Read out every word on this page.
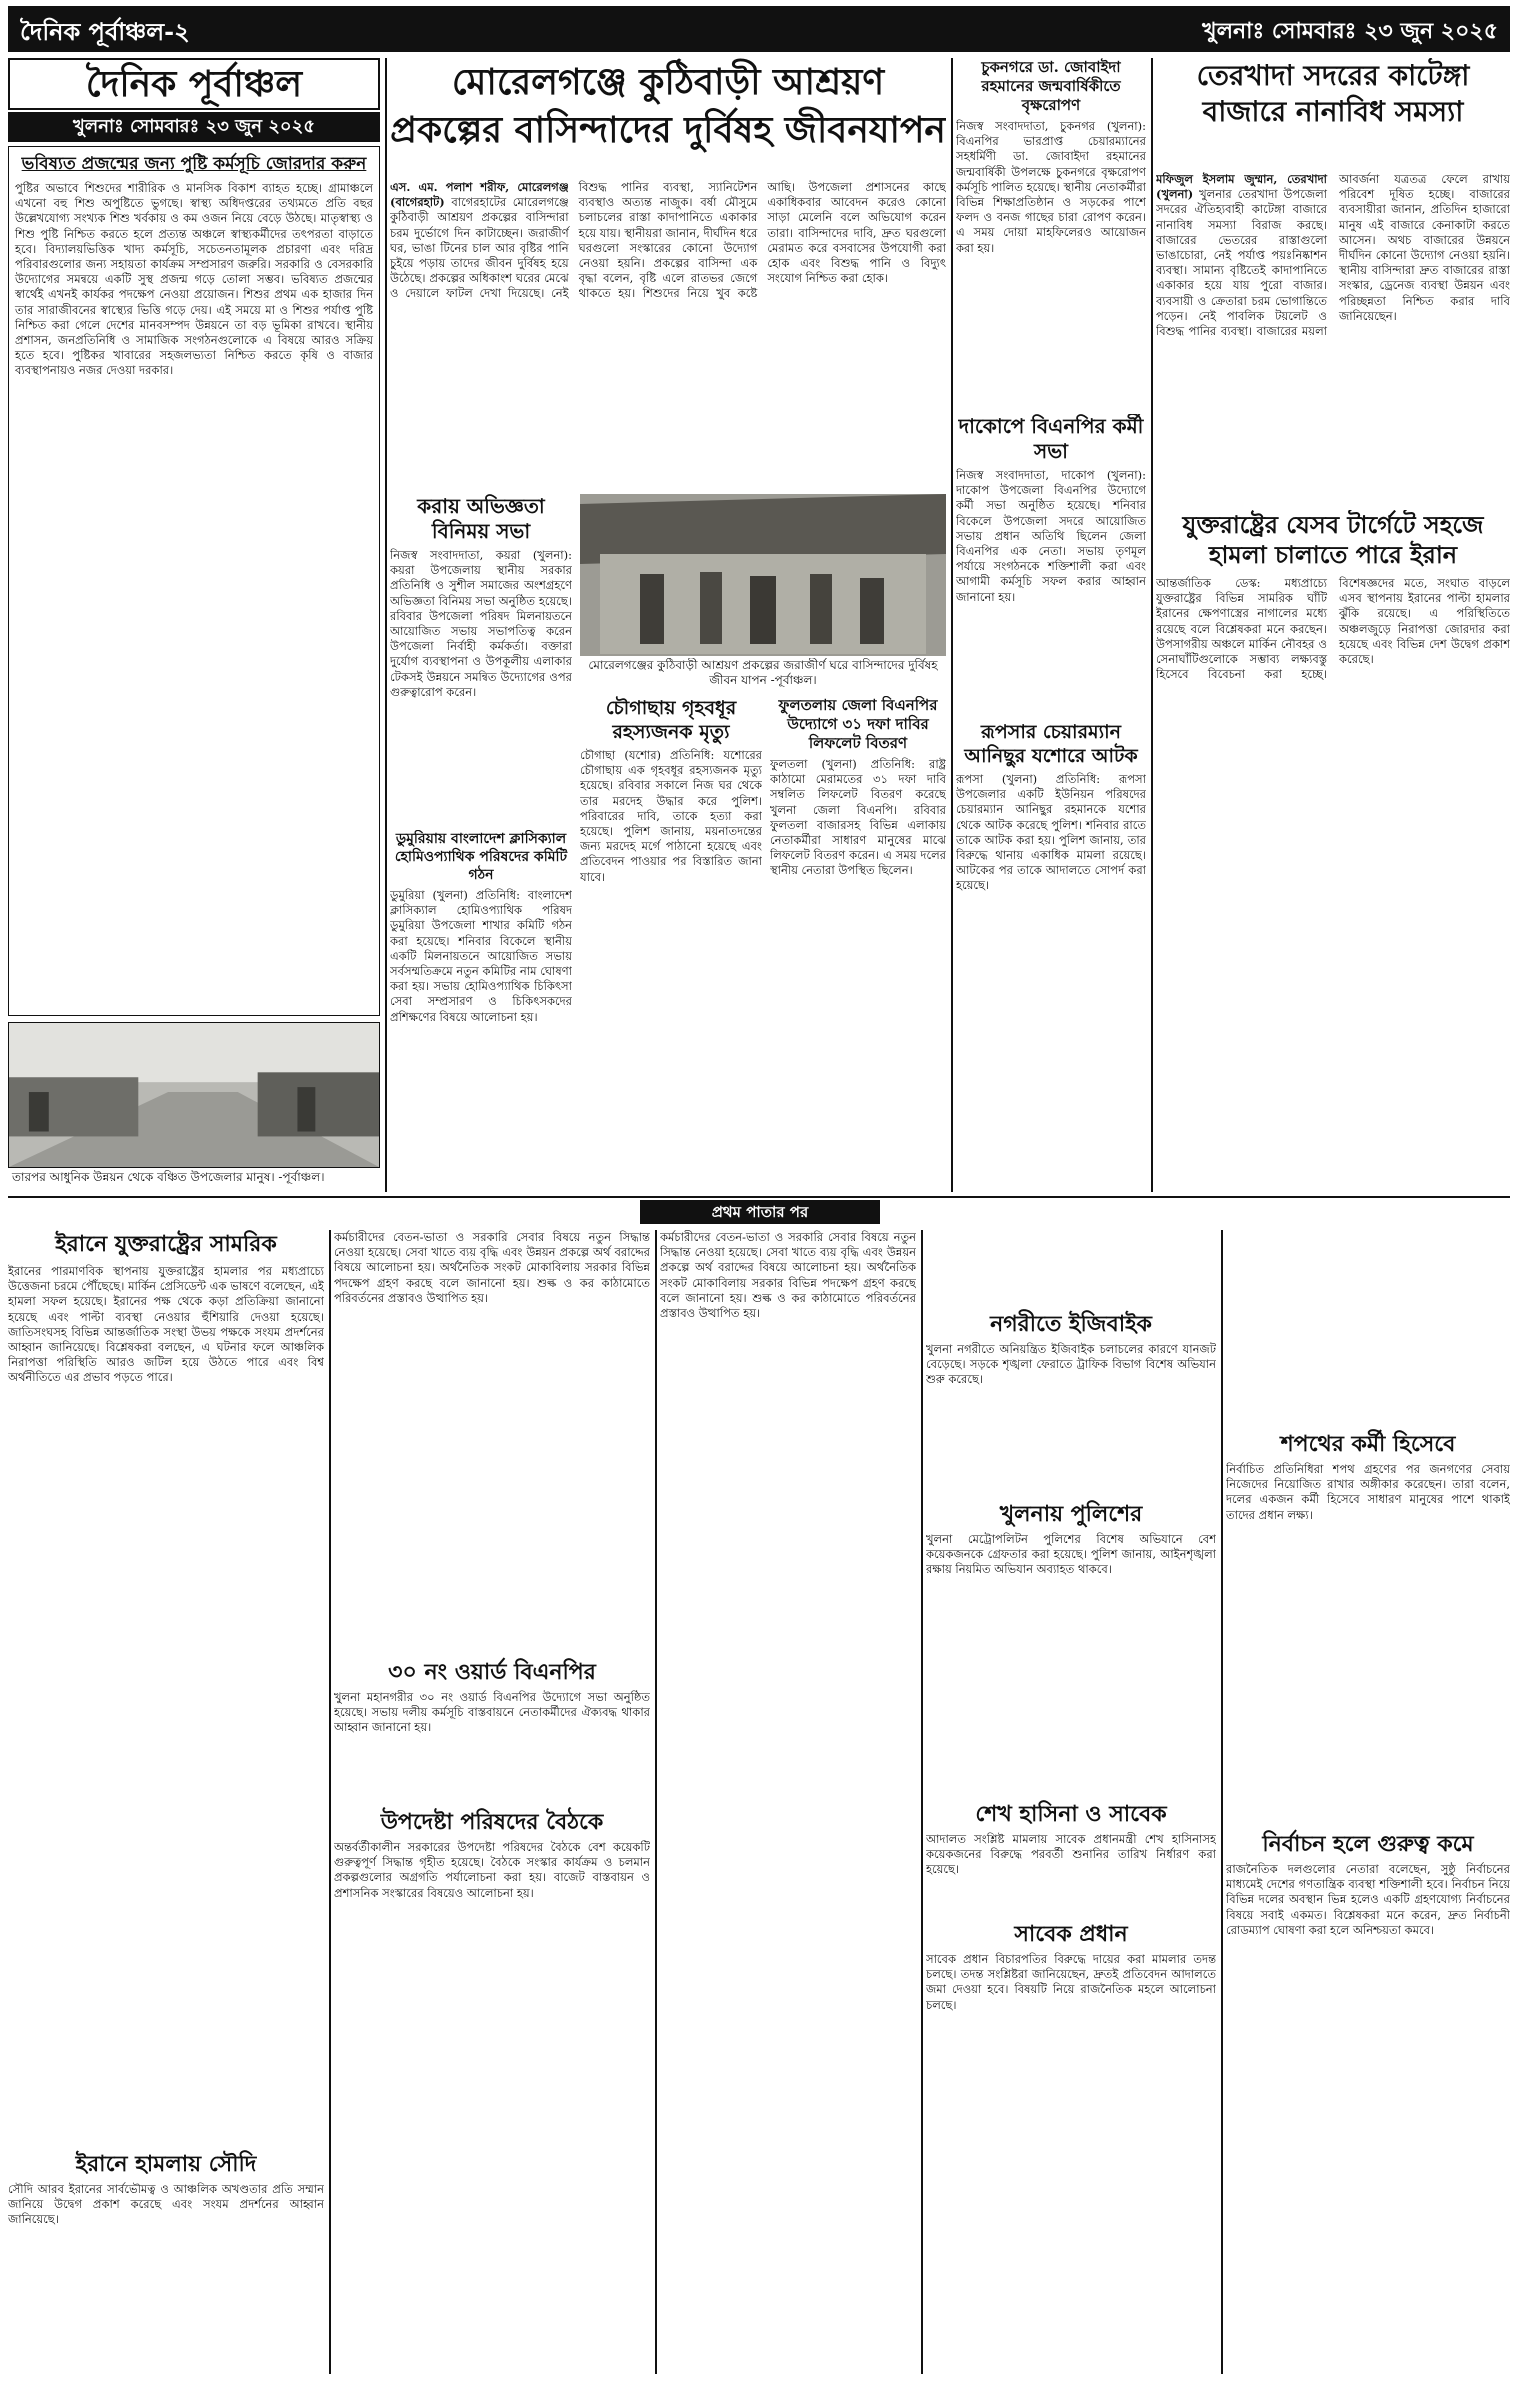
দৈনিক পূর্বাঞ্চল-২	খুলনাঃ সোমবারঃ ২৩ জুন ২০২৫
দৈনিক পূর্বাঞ্চল
খুলনাঃ সোমবারঃ ২৩ জুন ২০২৫
ভবিষ্যত প্রজন্মের জন্য পুষ্টি কর্মসূচি জোরদার করুন
পুষ্টির অভাবে শিশুদের শারীরিক ও মানসিক বিকাশ ব্যাহত হচ্ছে। গ্রামাঞ্চলে এখনো বহু শিশু অপুষ্টিতে ভুগছে। স্বাস্থ্য অধিদপ্তরের তথ্যমতে প্রতি বছর উল্লেখযোগ্য সংখ্যক শিশু খর্বকায় ও কম ওজন নিয়ে বেড়ে উঠছে। মাতৃস্বাস্থ্য ও শিশু পুষ্টি নিশ্চিত করতে হলে প্রত্যন্ত অঞ্চলে স্বাস্থ্যকর্মীদের তৎপরতা বাড়াতে হবে। বিদ্যালয়ভিত্তিক খাদ্য কর্মসূচি, সচেতনতামূলক প্রচারণা এবং দরিদ্র পরিবারগুলোর জন্য সহায়তা কার্যক্রম সম্প্রসারণ জরুরি। সরকারি ও বেসরকারি উদ্যোগের সমন্বয়ে একটি সুস্থ প্রজন্ম গড়ে তোলা সম্ভব। ভবিষ্যত প্রজন্মের স্বার্থেই এখনই কার্যকর পদক্ষেপ নেওয়া প্রয়োজন। শিশুর প্রথম এক হাজার দিন তার সারাজীবনের স্বাস্থ্যের ভিত্তি গড়ে দেয়। এই সময়ে মা ও শিশুর পর্যাপ্ত পুষ্টি নিশ্চিত করা গেলে দেশের মানবসম্পদ উন্নয়নে তা বড় ভূমিকা রাখবে। স্থানীয় প্রশাসন, জনপ্রতিনিধি ও সামাজিক সংগঠনগুলোকে এ বিষয়ে আরও সক্রিয় হতে হবে। পুষ্টিকর খাবারের সহজলভ্যতা নিশ্চিত করতে কৃষি ও বাজার ব্যবস্থাপনায়ও নজর দেওয়া দরকার।
তারপর আধুনিক উন্নয়ন থেকে বঞ্চিত উপজেলার মানুষ। -পূর্বাঞ্চল।
মোরেলগঞ্জে কুঠিবাড়ী আশ্রয়ণ প্রকল্পের বাসিন্দাদের দুর্বিষহ জীবনযাপন
এস. এম. পলাশ শরীফ, মোরেলগঞ্জ (বাগেরহাট) বাগেরহাটের মোরেলগঞ্জে কুঠিবাড়ী আশ্রয়ণ প্রকল্পের বাসিন্দারা চরম দুর্ভোগে দিন কাটাচ্ছেন। জরাজীর্ণ ঘর, ভাঙা টিনের চাল আর বৃষ্টির পানি চুইয়ে পড়ায় তাদের জীবন দুর্বিষহ হয়ে উঠেছে। প্রকল্পের অধিকাংশ ঘরের মেঝে ও দেয়ালে ফাটল দেখা দিয়েছে। নেই বিশুদ্ধ পানির ব্যবস্থা, স্যানিটেশন ব্যবস্থাও অত্যন্ত নাজুক। বর্ষা মৌসুমে চলাচলের রাস্তা কাদাপানিতে একাকার হয়ে যায়। স্থানীয়রা জানান, দীর্ঘদিন ধরে ঘরগুলো সংস্কারের কোনো উদ্যোগ নেওয়া হয়নি। প্রকল্পের বাসিন্দা এক বৃদ্ধা বলেন, বৃষ্টি এলে রাতভর জেগে থাকতে হয়। শিশুদের নিয়ে খুব কষ্টে আছি। উপজেলা প্রশাসনের কাছে একাধিকবার আবেদন করেও কোনো সাড়া মেলেনি বলে অভিযোগ করেন তারা। বাসিন্দাদের দাবি, দ্রুত ঘরগুলো মেরামত করে বসবাসের উপযোগী করা হোক এবং বিশুদ্ধ পানি ও বিদ্যুৎ সংযোগ নিশ্চিত করা হোক।
করায় অভিজ্ঞতা বিনিময় সভা
নিজস্ব সংবাদদাতা, কয়রা (খুলনা): কয়রা উপজেলায় স্থানীয় সরকার প্রতিনিধি ও সুশীল সমাজের অংশগ্রহণে অভিজ্ঞতা বিনিময় সভা অনুষ্ঠিত হয়েছে। রবিবার উপজেলা পরিষদ মিলনায়তনে আয়োজিত সভায় সভাপতিত্ব করেন উপজেলা নির্বাহী কর্মকর্তা। বক্তারা দুর্যোগ ব্যবস্থাপনা ও উপকূলীয় এলাকার টেকসই উন্নয়নে সমন্বিত উদ্যোগের ওপর গুরুত্বারোপ করেন।
মোরেলগঞ্জের কুঠিবাড়ী আশ্রয়ণ প্রকল্পের জরাজীর্ণ ঘরে বাসিন্দাদের দুর্বিষহ জীবন যাপন -পূর্বাঞ্চল।
চৌগাছায় গৃহবধূর রহস্যজনক মৃত্যু
চৌগাছা (যশোর) প্রতিনিধি: যশোরের চৌগাছায় এক গৃহবধূর রহস্যজনক মৃত্যু হয়েছে। রবিবার সকালে নিজ ঘর থেকে তার মরদেহ উদ্ধার করে পুলিশ। পরিবারের দাবি, তাকে হত্যা করা হয়েছে। পুলিশ জানায়, ময়নাতদন্তের জন্য মরদেহ মর্গে পাঠানো হয়েছে এবং প্রতিবেদন পাওয়ার পর বিস্তারিত জানা যাবে।
ফুলতলায় জেলা বিএনপির উদ্যোগে ৩১ দফা দাবির লিফলেট বিতরণ
ফুলতলা (খুলনা) প্রতিনিধি: রাষ্ট্র কাঠামো মেরামতের ৩১ দফা দাবি সম্বলিত লিফলেট বিতরণ করেছে খুলনা জেলা বিএনপি। রবিবার ফুলতলা বাজারসহ বিভিন্ন এলাকায় নেতাকর্মীরা সাধারণ মানুষের মাঝে লিফলেট বিতরণ করেন। এ সময় দলের স্থানীয় নেতারা উপস্থিত ছিলেন।
ডুমুরিয়ায় বাংলাদেশ ক্লাসিক্যাল হোমিওপ্যাথিক পরিষদের কমিটি গঠন
ডুমুরিয়া (খুলনা) প্রতিনিধি: বাংলাদেশ ক্লাসিক্যাল হোমিওপ্যাথিক পরিষদ ডুমুরিয়া উপজেলা শাখার কমিটি গঠন করা হয়েছে। শনিবার বিকেলে স্থানীয় একটি মিলনায়তনে আয়োজিত সভায় সর্বসম্মতিক্রমে নতুন কমিটির নাম ঘোষণা করা হয়। সভায় হোমিওপ্যাথিক চিকিৎসা সেবা সম্প্রসারণ ও চিকিৎসকদের প্রশিক্ষণের বিষয়ে আলোচনা হয়।
চুকনগরে ডা. জোবাইদা রহমানের জন্মবার্ষিকীতে বৃক্ষরোপণ
নিজস্ব সংবাদদাতা, চুকনগর (খুলনা): বিএনপির ভারপ্রাপ্ত চেয়ারম্যানের সহধর্মিণী ডা. জোবাইদা রহমানের জন্মবার্ষিকী উপলক্ষে চুকনগরে বৃক্ষরোপণ কর্মসূচি পালিত হয়েছে। স্থানীয় নেতাকর্মীরা বিভিন্ন শিক্ষাপ্রতিষ্ঠান ও সড়কের পাশে ফলদ ও বনজ গাছের চারা রোপণ করেন। এ সময় দোয়া মাহফিলেরও আয়োজন করা হয়।
দাকোপে বিএনপির কর্মী সভা
নিজস্ব সংবাদদাতা, দাকোপ (খুলনা): দাকোপ উপজেলা বিএনপির উদ্যোগে কর্মী সভা অনুষ্ঠিত হয়েছে। শনিবার বিকেলে উপজেলা সদরে আয়োজিত সভায় প্রধান অতিথি ছিলেন জেলা বিএনপির এক নেতা। সভায় তৃণমূল পর্যায়ে সংগঠনকে শক্তিশালী করা এবং আগামী কর্মসূচি সফল করার আহ্বান জানানো হয়।
রূপসার চেয়ারম্যান আনিছুর যশোরে আটক
রূপসা (খুলনা) প্রতিনিধি: রূপসা উপজেলার একটি ইউনিয়ন পরিষদের চেয়ারম্যান আনিছুর রহমানকে যশোর থেকে আটক করেছে পুলিশ। শনিবার রাতে তাকে আটক করা হয়। পুলিশ জানায়, তার বিরুদ্ধে থানায় একাধিক মামলা রয়েছে। আটকের পর তাকে আদালতে সোপর্দ করা হয়েছে।
তেরখাদা সদরের কাটেঙ্গা বাজারে নানাবিধ সমস্যা
মফিজুল ইসলাম জুম্মান, তেরখাদা (খুলনা) খুলনার তেরখাদা উপজেলা সদরের ঐতিহ্যবাহী কাটেঙ্গা বাজারে নানাবিধ সমস্যা বিরাজ করছে। বাজারের ভেতরের রাস্তাগুলো ভাঙাচোরা, নেই পর্যাপ্ত পয়ঃনিষ্কাশন ব্যবস্থা। সামান্য বৃষ্টিতেই কাদাপানিতে একাকার হয়ে যায় পুরো বাজার। ব্যবসায়ী ও ক্রেতারা চরম ভোগান্তিতে পড়েন। নেই পাবলিক টয়লেট ও বিশুদ্ধ পানির ব্যবস্থা। বাজারের ময়লা আবর্জনা যত্রতত্র ফেলে রাখায় পরিবেশ দূষিত হচ্ছে। বাজারের ব্যবসায়ীরা জানান, প্রতিদিন হাজারো মানুষ এই বাজারে কেনাকাটা করতে আসেন। অথচ বাজারের উন্নয়নে দীর্ঘদিন কোনো উদ্যোগ নেওয়া হয়নি। স্থানীয় বাসিন্দারা দ্রুত বাজারের রাস্তা সংস্কার, ড্রেনেজ ব্যবস্থা উন্নয়ন এবং পরিচ্ছন্নতা নিশ্চিত করার দাবি জানিয়েছেন।
যুক্তরাষ্ট্রের যেসব টার্গেটে সহজে হামলা চালাতে পারে ইরান
আন্তর্জাতিক ডেস্ক: মধ্যপ্রাচ্যে যুক্তরাষ্ট্রের বিভিন্ন সামরিক ঘাঁটি ইরানের ক্ষেপণাস্ত্রের নাগালের মধ্যে রয়েছে বলে বিশ্লেষকরা মনে করছেন। উপসাগরীয় অঞ্চলে মার্কিন নৌবহর ও সেনাঘাঁটিগুলোকে সম্ভাব্য লক্ষ্যবস্তু হিসেবে বিবেচনা করা হচ্ছে। বিশেষজ্ঞদের মতে, সংঘাত বাড়লে এসব স্থাপনায় ইরানের পাল্টা হামলার ঝুঁকি রয়েছে। এ পরিস্থিতিতে অঞ্চলজুড়ে নিরাপত্তা জোরদার করা হয়েছে এবং বিভিন্ন দেশ উদ্বেগ প্রকাশ করেছে।
প্রথম পাতার পর
ইরানে যুক্তরাষ্ট্রের সামরিক
ইরানের পারমাণবিক স্থাপনায় যুক্তরাষ্ট্রের হামলার পর মধ্যপ্রাচ্যে উত্তেজনা চরমে পৌঁছেছে। মার্কিন প্রেসিডেন্ট এক ভাষণে বলেছেন, এই হামলা সফল হয়েছে। ইরানের পক্ষ থেকে কড়া প্রতিক্রিয়া জানানো হয়েছে এবং পাল্টা ব্যবস্থা নেওয়ার হুঁশিয়ারি দেওয়া হয়েছে। জাতিসংঘসহ বিভিন্ন আন্তর্জাতিক সংস্থা উভয় পক্ষকে সংযম প্রদর্শনের আহ্বান জানিয়েছে। বিশ্লেষকরা বলছেন, এ ঘটনার ফলে আঞ্চলিক নিরাপত্তা পরিস্থিতি আরও জটিল হয়ে উঠতে পারে এবং বিশ্ব অর্থনীতিতে এর প্রভাব পড়তে পারে।
ইরানে হামলায় সৌদি
সৌদি আরব ইরানের সার্বভৌমত্ব ও আঞ্চলিক অখণ্ডতার প্রতি সম্মান জানিয়ে উদ্বেগ প্রকাশ করেছে এবং সংযম প্রদর্শনের আহ্বান জানিয়েছে।
কর্মচারীদের বেতন-ভাতা ও সরকারি সেবার বিষয়ে নতুন সিদ্ধান্ত নেওয়া হয়েছে। সেবা খাতে ব্যয় বৃদ্ধি এবং উন্নয়ন প্রকল্পে অর্থ বরাদ্দের বিষয়ে আলোচনা হয়। অর্থনৈতিক সংকট মোকাবিলায় সরকার বিভিন্ন পদক্ষেপ গ্রহণ করছে বলে জানানো হয়। শুল্ক ও কর কাঠামোতে পরিবর্তনের প্রস্তাবও উত্থাপিত হয়।
৩০ নং ওয়ার্ড বিএনপির
খুলনা মহানগরীর ৩০ নং ওয়ার্ড বিএনপির উদ্যোগে সভা অনুষ্ঠিত হয়েছে। সভায় দলীয় কর্মসূচি বাস্তবায়নে নেতাকর্মীদের ঐক্যবদ্ধ থাকার আহ্বান জানানো হয়।
উপদেষ্টা পরিষদের বৈঠকে
অন্তর্বর্তীকালীন সরকারের উপদেষ্টা পরিষদের বৈঠকে বেশ কয়েকটি গুরুত্বপূর্ণ সিদ্ধান্ত গৃহীত হয়েছে। বৈঠকে সংস্কার কার্যক্রম ও চলমান প্রকল্পগুলোর অগ্রগতি পর্যালোচনা করা হয়। বাজেট বাস্তবায়ন ও প্রশাসনিক সংস্কারের বিষয়েও আলোচনা হয়।
কর্মচারীদের বেতন-ভাতা ও সরকারি সেবার বিষয়ে নতুন সিদ্ধান্ত নেওয়া হয়েছে। সেবা খাতে ব্যয় বৃদ্ধি এবং উন্নয়ন প্রকল্পে অর্থ বরাদ্দের বিষয়ে আলোচনা হয়। অর্থনৈতিক সংকট মোকাবিলায় সরকার বিভিন্ন পদক্ষেপ গ্রহণ করছে বলে জানানো হয়। শুল্ক ও কর কাঠামোতে পরিবর্তনের প্রস্তাবও উত্থাপিত হয়।	নগরীতে ইজিবাইক
খুলনা নগরীতে অনিয়ন্ত্রিত ইজিবাইক চলাচলের কারণে যানজট বেড়েছে। সড়কে শৃঙ্খলা ফেরাতে ট্রাফিক বিভাগ বিশেষ অভিযান শুরু করেছে।
খুলনায় পুলিশের
খুলনা মেট্রোপলিটন পুলিশের বিশেষ অভিযানে বেশ কয়েকজনকে গ্রেফতার করা হয়েছে। পুলিশ জানায়, আইনশৃঙ্খলা রক্ষায় নিয়মিত অভিযান অব্যাহত থাকবে।
শেখ হাসিনা ও সাবেক
আদালত সংশ্লিষ্ট মামলায় সাবেক প্রধানমন্ত্রী শেখ হাসিনাসহ কয়েকজনের বিরুদ্ধে পরবর্তী শুনানির তারিখ নির্ধারণ করা হয়েছে।
সাবেক প্রধান
সাবেক প্রধান বিচারপতির বিরুদ্ধে দায়ের করা মামলার তদন্ত চলছে। তদন্ত সংশ্লিষ্টরা জানিয়েছেন, দ্রুতই প্রতিবেদন আদালতে জমা দেওয়া হবে। বিষয়টি নিয়ে রাজনৈতিক মহলে আলোচনা চলছে।
শপথের কর্মী হিসেবে
নির্বাচিত প্রতিনিধিরা শপথ গ্রহণের পর জনগণের সেবায় নিজেদের নিয়োজিত রাখার অঙ্গীকার করেছেন। তারা বলেন, দলের একজন কর্মী হিসেবে সাধারণ মানুষের পাশে থাকাই তাদের প্রধান লক্ষ্য।
নির্বাচন হলে গুরুত্ব কমে
রাজনৈতিক দলগুলোর নেতারা বলেছেন, সুষ্ঠু নির্বাচনের মাধ্যমেই দেশের গণতান্ত্রিক ব্যবস্থা শক্তিশালী হবে। নির্বাচন নিয়ে বিভিন্ন দলের অবস্থান ভিন্ন হলেও একটি গ্রহণযোগ্য নির্বাচনের বিষয়ে সবাই একমত। বিশ্লেষকরা মনে করেন, দ্রুত নির্বাচনী রোডম্যাপ ঘোষণা করা হলে অনিশ্চয়তা কমবে।
